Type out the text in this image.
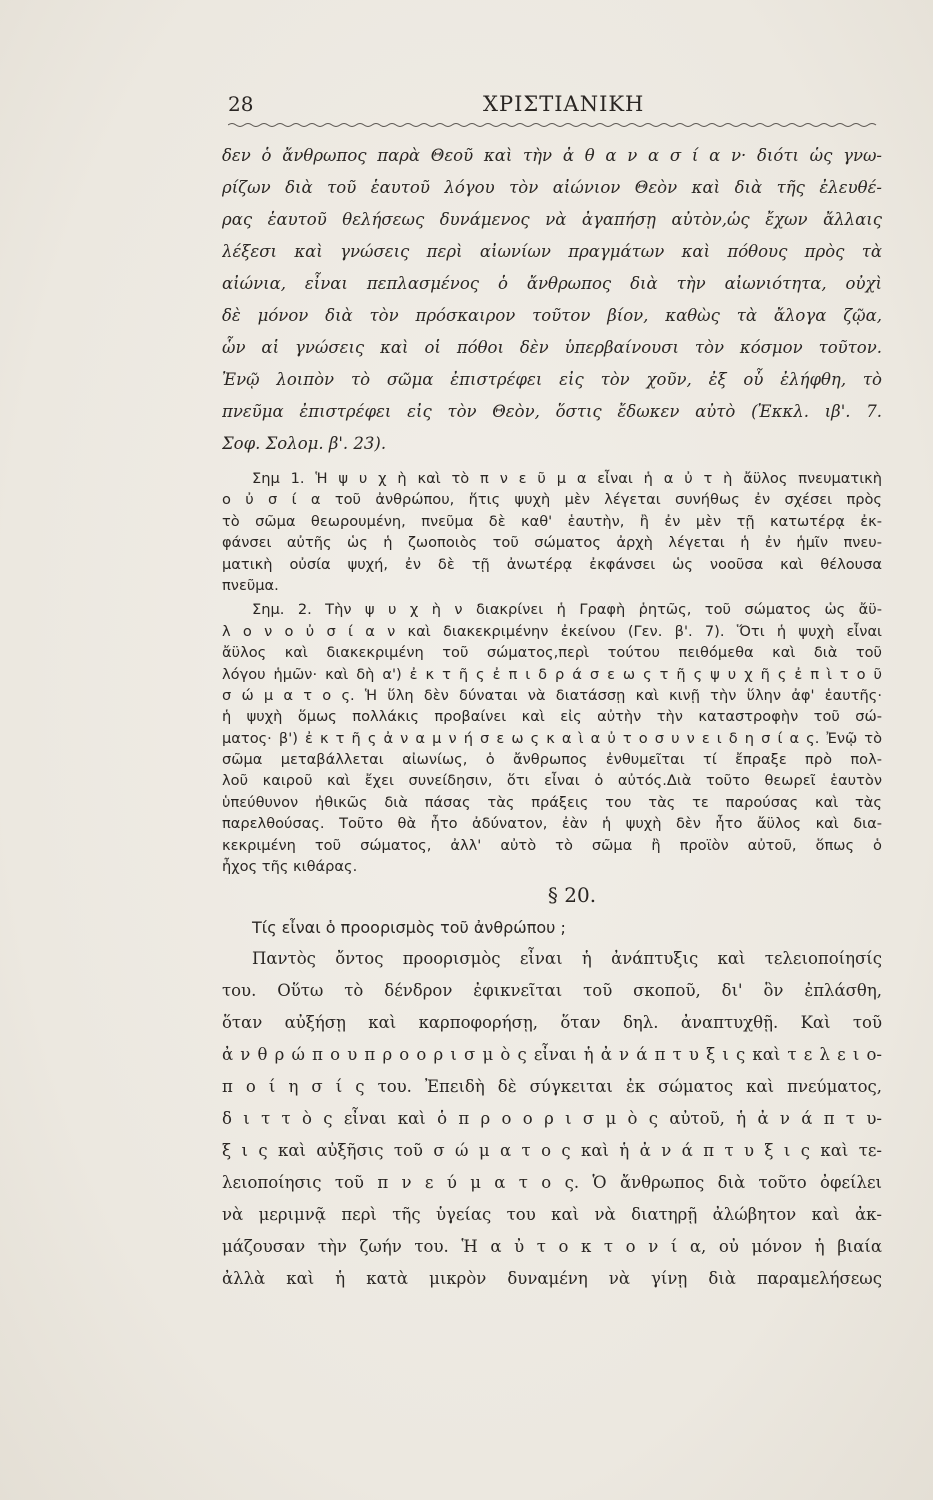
28	ΧΡΙΣΤΙΑΝΙΚΗ
δεν ὁ ἄνθρωπος παρὰ Θεοῦ καὶ τὴν ἀ θ α ν α σ ί α ν· διότι ὡς γνω-
ρίζων διὰ τοῦ ἑαυτοῦ λόγου τὸν αἰώνιον Θεὸν καὶ διὰ τῆς ἐλευθέ-
ρας ἑαυτοῦ θελήσεως δυνάμενος νὰ ἀγαπήσῃ αὐτὸν,ὡς ἔχων ἄλλαις
λέξεσι καὶ γνώσεις περὶ αἰωνίων πραγμάτων καὶ πόθους πρὸς τὰ
αἰώνια, εἶναι πεπλασμένος ὁ ἄνθρωπος διὰ τὴν αἰωνιότητα, οὐχὶ
δὲ μόνον διὰ τὸν πρόσκαιρον τοῦτον βίον, καθὼς τὰ ἄλογα ζῷα,
ὧν αἱ γνώσεις καὶ οἱ πόθοι δὲν ὑπερβαίνουσι τὸν κόσμον τοῦτον.
Ἐνῷ λοιπὸν τὸ σῶμα ἐπιστρέφει εἰς τὸν χοῦν, ἐξ οὗ ἐλήφθη, τὸ
πνεῦμα ἐπιστρέφει εἰς τὸν Θεὸν, ὅστις ἔδωκεν αὐτὸ (Ἐκκλ. ιβ'. 7.
Σοφ. Σολομ. β'. 23).
Σημ 1. Ἡ ψ υ χ ὴ καὶ τὸ π ν ε ῦ μ α εἶναι ἡ α ὐ τ ὴ ἄϋλος πνευματικὴ
ο ὐ σ ί α τοῦ ἀνθρώπου, ἥτις ψυχὴ μὲν λέγεται συνήθως ἐν σχέσει πρὸς
τὸ σῶμα θεωρουμένη, πνεῦμα δὲ καθ' ἑαυτὴν, ἢ ἐν μὲν τῇ κατωτέρᾳ ἐκ-
φάνσει αὐτῆς ὡς ἡ ζωοποιὸς τοῦ σώματος ἀρχὴ λέγεται ἡ ἐν ἡμῖν πνευ-
ματικὴ οὐσία ψυχή, ἐν δὲ τῇ ἀνωτέρᾳ ἐκφάνσει ὡς νοοῦσα καὶ θέλουσα
πνεῦμα.
Σημ. 2. Τὴν ψ υ χ ὴ ν διακρίνει ἡ Γραφὴ ῥητῶς, τοῦ σώματος ὡς ἄϋ-
λ ο ν ο ὐ σ ί α ν καὶ διακεκριμένην ἐκείνου (Γεν. β'. 7). Ὅτι ἡ ψυχὴ εἶναι
ἄϋλος καὶ διακεκριμένη τοῦ σώματος,περὶ τούτου πειθόμεθα καὶ διὰ τοῦ
λόγου ἡμῶν· καὶ δὴ α') ἐ κ τ ῆ ς ἐ π ι δ ρ ά σ ε ω ς τ ῆ ς ψ υ χ ῆ ς ἐ π ὶ τ ο ῦ
σ ώ μ α τ ο ς. Ἡ ὕλη δὲν δύναται νὰ διατάσσῃ καὶ κινῇ τὴν ὕλην ἀφ' ἑαυτῆς·
ἡ ψυχὴ ὅμως πολλάκις προβαίνει καὶ εἰς αὐτὴν τὴν καταστροφὴν τοῦ σώ-
ματος· β') ἐ κ τ ῆ ς ἀ ν α μ ν ή σ ε ω ς κ α ὶ α ὐ τ ο σ υ ν ε ι δ η σ ί α ς. Ἐνῷ τὸ
σῶμα μεταβάλλεται αἰωνίως, ὁ ἄνθρωπος ἐνθυμεῖται τί ἔπραξε πρὸ πολ-
λοῦ καιροῦ καὶ ἔχει συνείδησιν, ὅτι εἶναι ὁ αὐτός.Διὰ τοῦτο θεωρεῖ ἑαυτὸν
ὑπεύθυνον ἠθικῶς διὰ πάσας τὰς πράξεις του τὰς τε παρούσας καὶ τὰς
παρελθούσας. Τοῦτο θὰ ἦτο ἀδύνατον, ἐὰν ἡ ψυχὴ δὲν ἦτο ἄϋλος καὶ δια-
κεκριμένη τοῦ σώματος, ἀλλ' αὐτὸ τὸ σῶμα ἢ προϊὸν αὐτοῦ, ὅπως ὁ
ἦχος τῆς κιθάρας.
§ 20.
Τίς εἶναι ὁ προορισμὸς τοῦ ἀνθρώπου ;
Παντὸς ὄντος προορισμὸς εἶναι ἡ ἀνάπτυξις καὶ τελειοποίησίς
του. Οὕτω τὸ δένδρον ἐφικνεῖται τοῦ σκοποῦ, δι' ὃν ἐπλάσθη,
ὅταν αὐξήσῃ καὶ καρποφορήσῃ, ὅταν δηλ. ἀναπτυχθῇ. Καὶ τοῦ
ἀ ν θ ρ ώ π ο υ π ρ ο ο ρ ι σ μ ὸ ς εἶναι ἡ ἀ ν ά π τ υ ξ ι ς καὶ τ ε λ ε ι ο-
π ο ί η σ ί ς του. Ἐπειδὴ δὲ σύγκειται ἐκ σώματος καὶ πνεύματος,
δ ι τ τ ὸ ς εἶναι καὶ ὁ π ρ ο ο ρ ι σ μ ὸ ς αὐτοῦ, ἡ ἀ ν ά π τ υ-
ξ ι ς καὶ αὐξῆσις τοῦ σ ώ μ α τ ο ς καὶ ἡ ἀ ν ά π τ υ ξ ι ς καὶ τε-
λειοποίησις τοῦ π ν ε ύ μ α τ ο ς. Ὁ ἄνθρωπος διὰ τοῦτο ὀφείλει
νὰ μεριμνᾷ περὶ τῆς ὑγείας του καὶ νὰ διατηρῇ ἀλώβητον καὶ ἀκ-
μάζουσαν τὴν ζωήν του. Ἡ α ὐ τ ο κ τ ο ν ί α, οὐ μόνον ἡ βιαία
ἀλλὰ καὶ ἡ κατὰ μικρὸν δυναμένη νὰ γίνῃ διὰ παραμελήσεως
